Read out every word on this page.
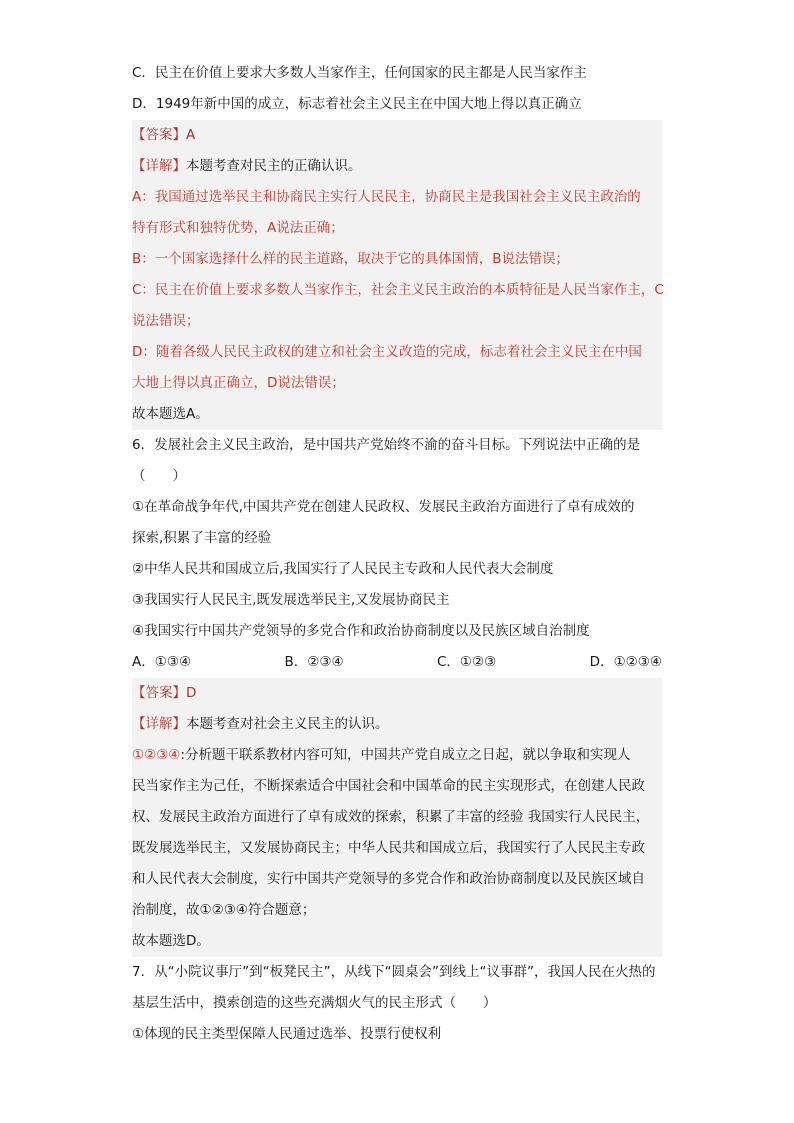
C．民主在价值上要求大多数人当家作主，任何国家的民主都是人民当家作主
D．1949年新中国的成立，标志着社会主义民主在中国大地上得以真正确立
【答案】A
【详解】本题考查对民主的正确认识。
A：我国通过选举民主和协商民主实行人民民主，协商民主是我国社会主义民主政治的
特有形式和独特优势，A说法正确；
B：一个国家选择什么样的民主道路，取决于它的具体国情，B说法错误；
C：民主在价值上要求多数人当家作主，社会主义民主政治的本质特征是人民当家作主，C
说法错误；
D：随着各级人民民主政权的建立和社会主义改造的完成，标志着社会主义民主在中国
大地上得以真正确立，D说法错误；
故本题选A。
6．发展社会主义民主政治，是中国共产党始终不渝的奋斗目标。下列说法中正确的是
（　　）
①在革命战争年代,中国共产党在创建人民政权、发展民主政治方面进行了卓有成效的
探索,积累了丰富的经验
②中华人民共和国成立后,我国实行了人民民主专政和人民代表大会制度
③我国实行人民民主,既发展选举民主,又发展协商民主
④我国实行中国共产党领导的多党合作和政治协商制度以及民族区域自治制度
A．①③④	B．②③④	C．①②③	D．①②③④
【答案】D
【详解】本题考查对社会主义民主的认识。
①②③④:分析题干联系教材内容可知，中国共产党自成立之日起，就以争取和实现人
民当家作主为己任，不断探索适合中国社会和中国革命的民主实现形式，在创建人民政
权、发展民主政治方面进行了卓有成效的探索，积累了丰富的经验 我国实行人民民主，
既发展选举民主，又发展协商民主；中华人民共和国成立后，我国实行了人民民主专政
和人民代表大会制度，实行中国共产党领导的多党合作和政治协商制度以及民族区域自
治制度，故①②③④符合题意；
故本题选D。
7．从“小院议事厅”到“板凳民主”，从线下“圆桌会”到线上“议事群”，我国人民在火热的
基层生活中，摸索创造的这些充满烟火气的民主形式（　　）
①体现的民主类型保障人民通过选举、投票行使权利
